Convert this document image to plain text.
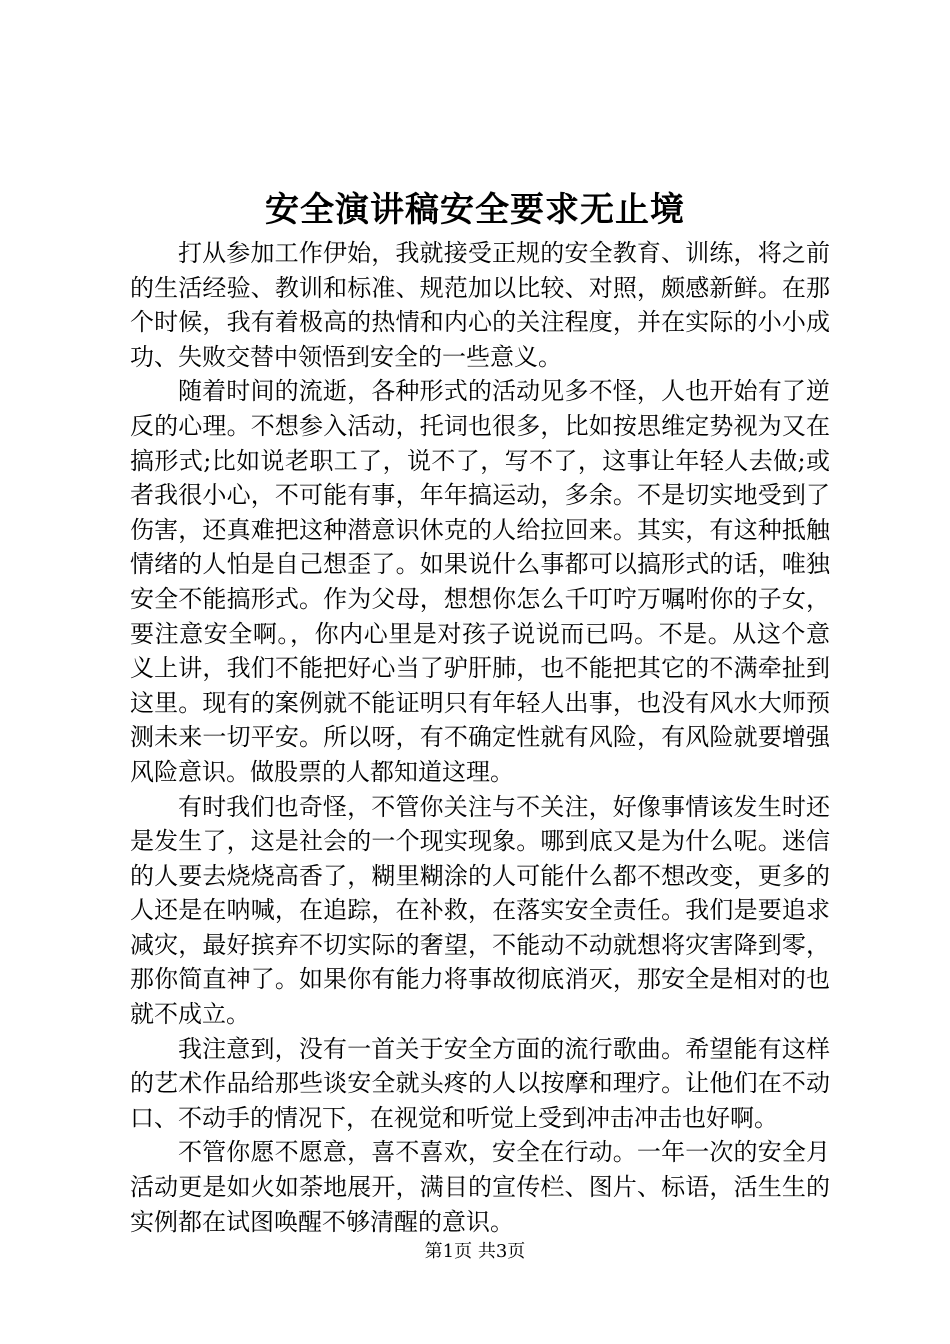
安全演讲稿安全要求无止境

打从参加工作伊始，我就接受正规的安全教育、训练，将之前的生活经验、教训和标准、规范加以比较、对照，颇感新鲜。在那个时候，我有着极高的热情和内心的关注程度，并在实际的小小成功、失败交替中领悟到安全的一些意义。

随着时间的流逝，各种形式的活动见多不怪，人也开始有了逆反的心理。不想参入活动，托词也很多，比如按思维定势视为又在搞形式;比如说老职工了，说不了，写不了，这事让年轻人去做;或者我很小心，不可能有事，年年搞运动，多余。不是切实地受到了伤害，还真难把这种潜意识休克的人给拉回来。其实，有这种抵触情绪的人怕是自己想歪了。如果说什么事都可以搞形式的话，唯独安全不能搞形式。作为父母，想想你怎么千叮咛万嘱咐你的子女，要注意安全啊。，你内心里是对孩子说说而已吗。不是。从这个意义上讲，我们不能把好心当了驴肝肺，也不能把其它的不满牵扯到这里。现有的案例就不能证明只有年轻人出事，也没有风水大师预测未来一切平安。所以呀，有不确定性就有风险，有风险就要增强风险意识。做股票的人都知道这理。

有时我们也奇怪，不管你关注与不关注，好像事情该发生时还是发生了，这是社会的一个现实现象。哪到底又是为什么呢。迷信的人要去烧烧高香了，糊里糊涂的人可能什么都不想改变，更多的人还是在呐喊，在追踪，在补救，在落实安全责任。我们是要追求减灾，最好摈弃不切实际的奢望，不能动不动就想将灾害降到零，那你简直神了。如果你有能力将事故彻底消灭，那安全是相对的也就不成立。

我注意到，没有一首关于安全方面的流行歌曲。希望能有这样的艺术作品给那些谈安全就头疼的人以按摩和理疗。让他们在不动口、不动手的情况下，在视觉和听觉上受到冲击冲击也好啊。

不管你愿不愿意，喜不喜欢，安全在行动。一年一次的安全月活动更是如火如荼地展开，满目的宣传栏、图片、标语，活生生的实例都在试图唤醒不够清醒的意识。

第1页 共3页
